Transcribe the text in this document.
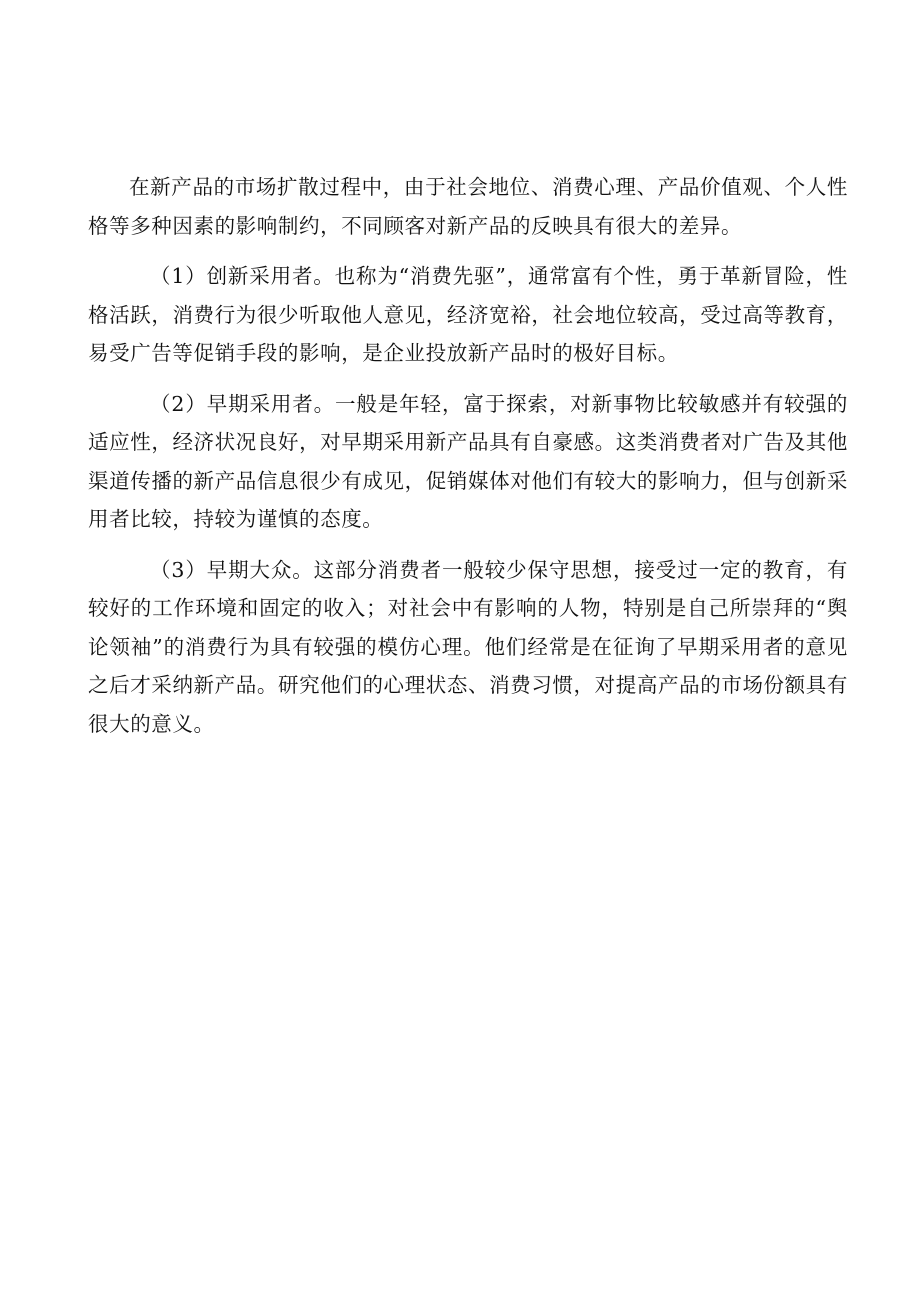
在新产品的市场扩散过程中，由于社会地位、消费心理、产品价值观、个人性格等多种因素的影响制约，不同顾客对新产品的反映具有很大的差异。

（1）创新采用者。也称为“消费先驱”，通常富有个性，勇于革新冒险，性格活跃，消费行为很少听取他人意见，经济宽裕，社会地位较高，受过高等教育，易受广告等促销手段的影响，是企业投放新产品时的极好目标。

（2）早期采用者。一般是年轻，富于探索，对新事物比较敏感并有较强的适应性，经济状况良好，对早期采用新产品具有自豪感。这类消费者对广告及其他渠道传播的新产品信息很少有成见，促销媒体对他们有较大的影响力，但与创新采用者比较，持较为谨慎的态度。

（3）早期大众。这部分消费者一般较少保守思想，接受过一定的教育，有较好的工作环境和固定的收入；对社会中有影响的人物，特别是自己所崇拜的“舆论领袖”的消费行为具有较强的模仿心理。他们经常是在征询了早期采用者的意见之后才采纳新产品。研究他们的心理状态、消费习惯，对提高产品的市场份额具有很大的意义。
